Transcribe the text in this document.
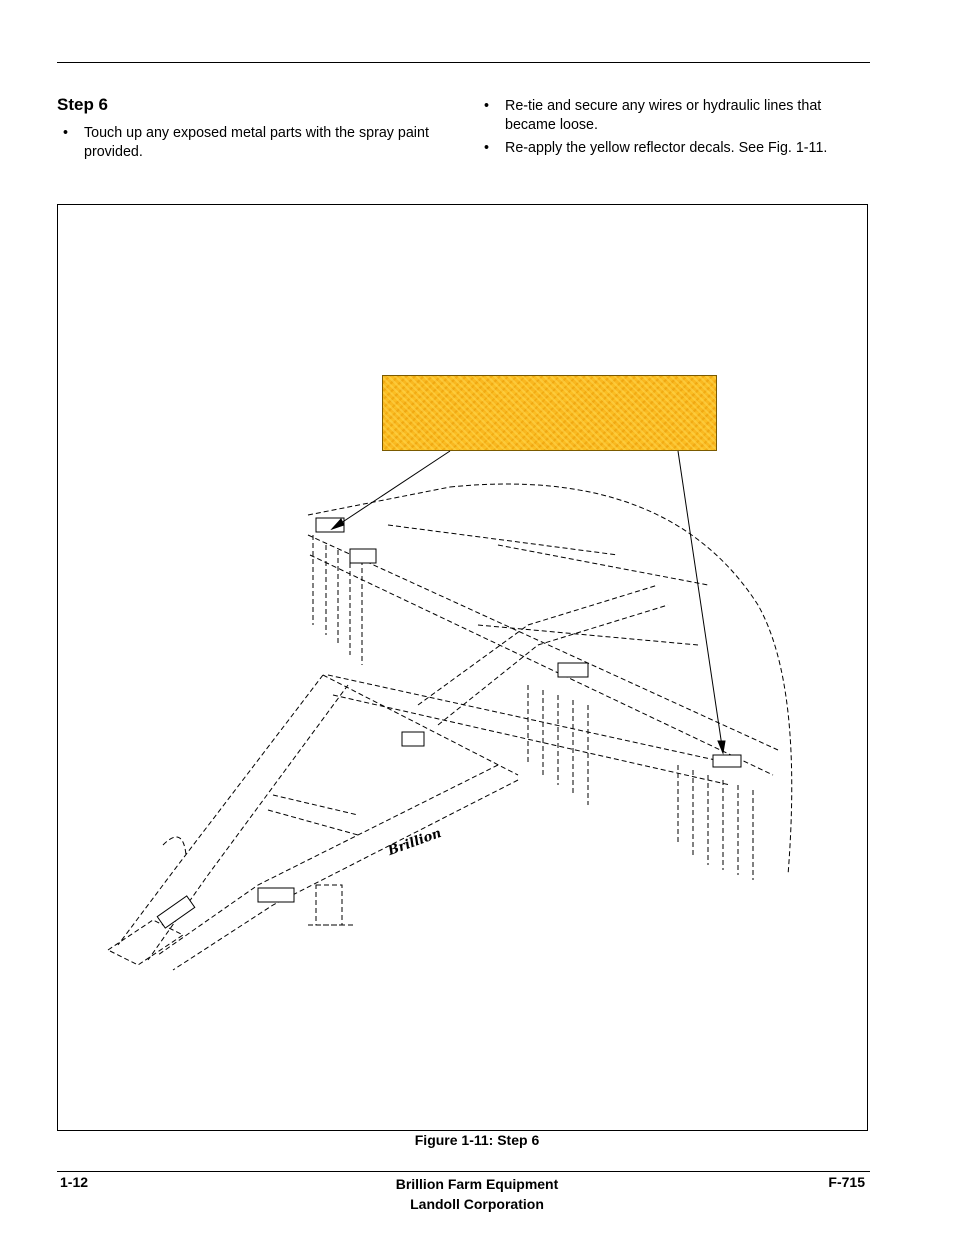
Step 6
• Touch up any exposed metal parts with the spray paint provided.
• Re-tie and secure any wires or hydraulic lines that became loose.
• Re-apply the yellow reflector decals. See Fig. 1-11.
Brillion

Figure 1-11: Step 6

1-12	Brillion Farm Equipment
Landoll Corporation
F-715
